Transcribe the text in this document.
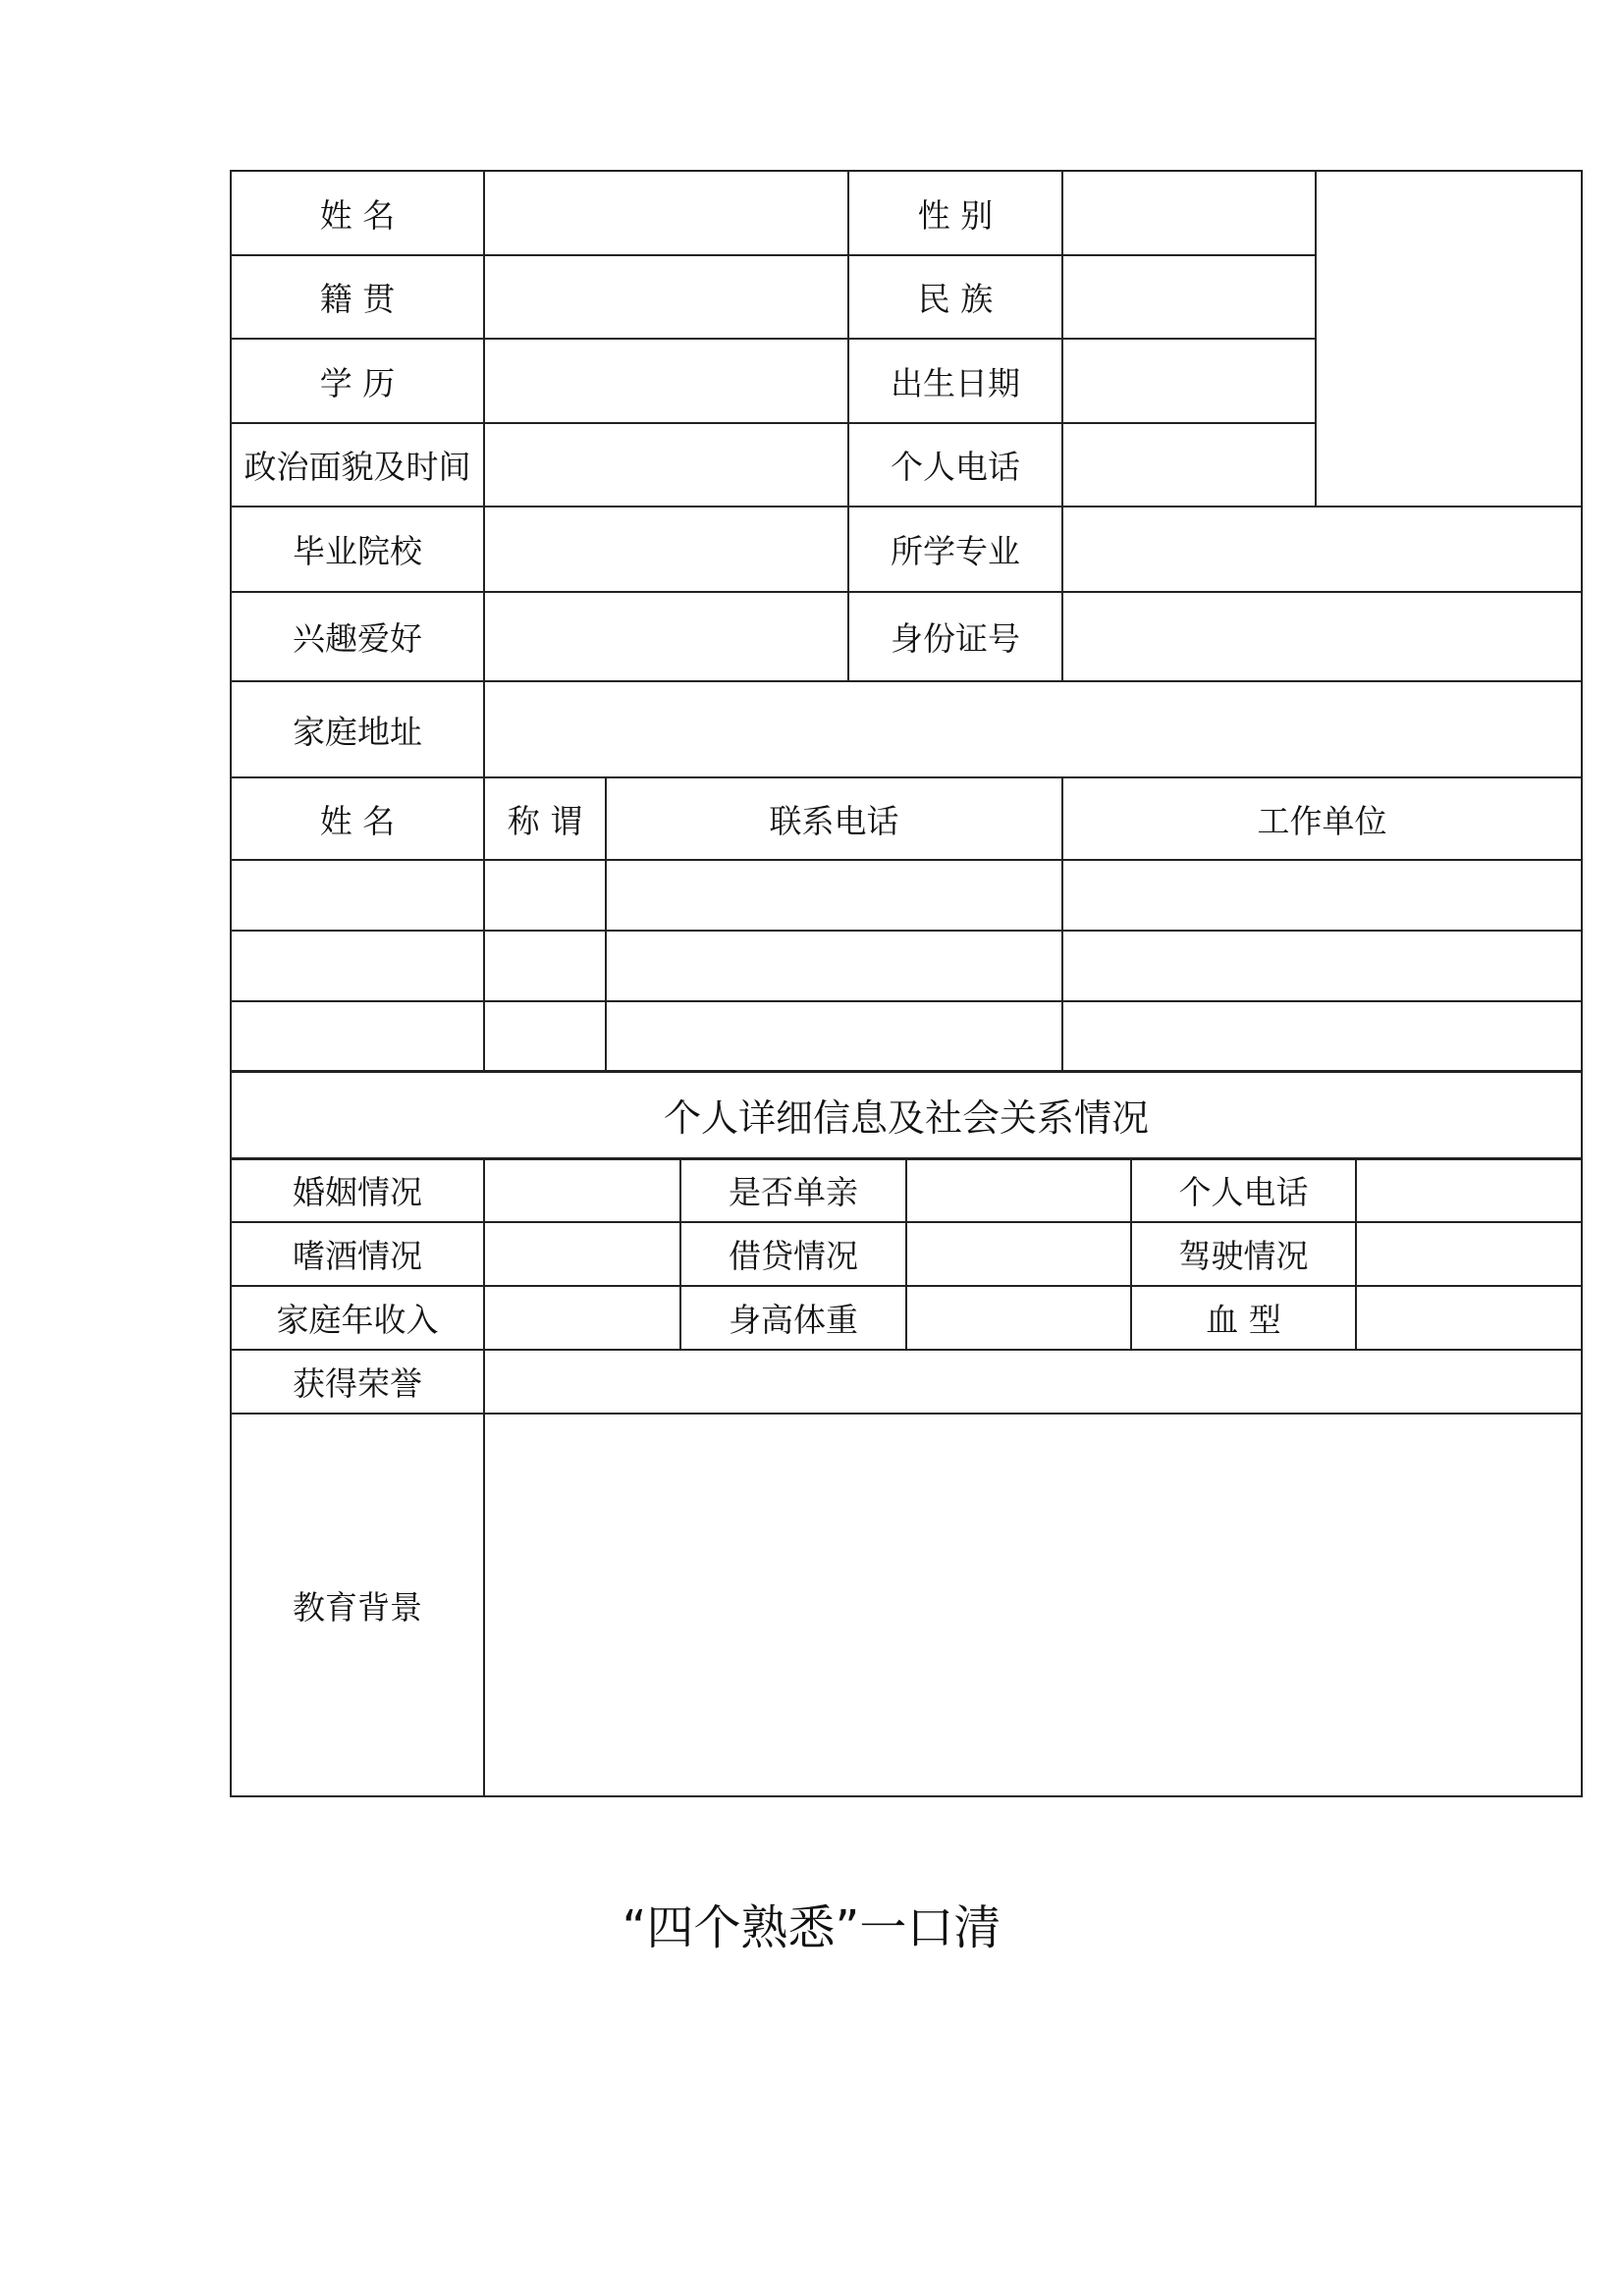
姓 名	性 别
籍 贯	民 族
学 历	出生日期
政治面貌及时间	个人电话
毕业院校	所学专业
兴趣爱好	身份证号
家庭地址
姓 名	称 谓	联系电话	工作单位
个人详细信息及社会关系情况
婚姻情况	是否单亲	个人电话
嗜酒情况	借贷情况	驾驶情况
家庭年收入	身高体重	血 型
获得荣誉
教育背景
“四个熟悉”一口清
